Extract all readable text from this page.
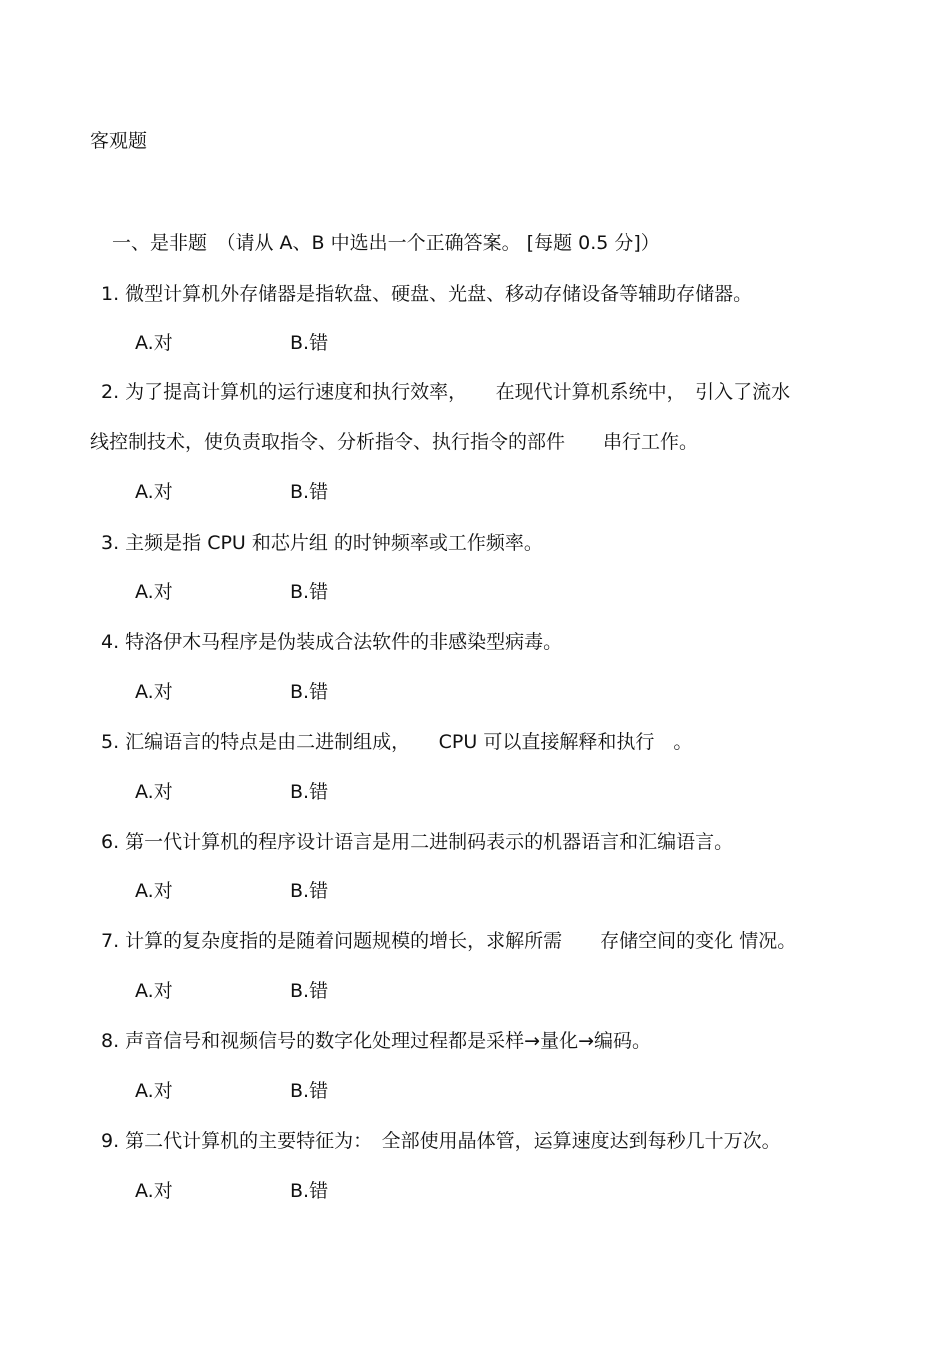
客观题
一、是非题　（请从 A、B 中选出一个正确答案。 [每题 0.5 分]）
1. 微型计算机外存储器是指软盘、硬盘、光盘、移动存储设备等辅助存储器。
A.对	B.错
2. 为了提高计算机的运行速度和执行效率，　　在现代计算机系统中，　引入了流水
线控制技术，使负责取指令、分析指令、执行指令的部件　　串行工作。
A.对	B.错
3. 主频是指 CPU 和芯片组 的时钟频率或工作频率。
A.对	B.错
4. 特洛伊木马程序是伪装成合法软件的非感染型病毒。
A.对	B.错
5. 汇编语言的特点是由二进制组成，　　CPU 可以直接解释和执行　。
A.对	B.错
6. 第一代计算机的程序设计语言是用二进制码表示的机器语言和汇编语言。
A.对	B.错
7. 计算的复杂度指的是随着问题规模的增长，求解所需　　存储空间的变化 情况。
A.对	B.错
8. 声音信号和视频信号的数字化处理过程都是采样→量化→编码。
A.对	B.错
9. 第二代计算机的主要特征为：　全部使用晶体管，运算速度达到每秒几十万次。
A.对	B.错
